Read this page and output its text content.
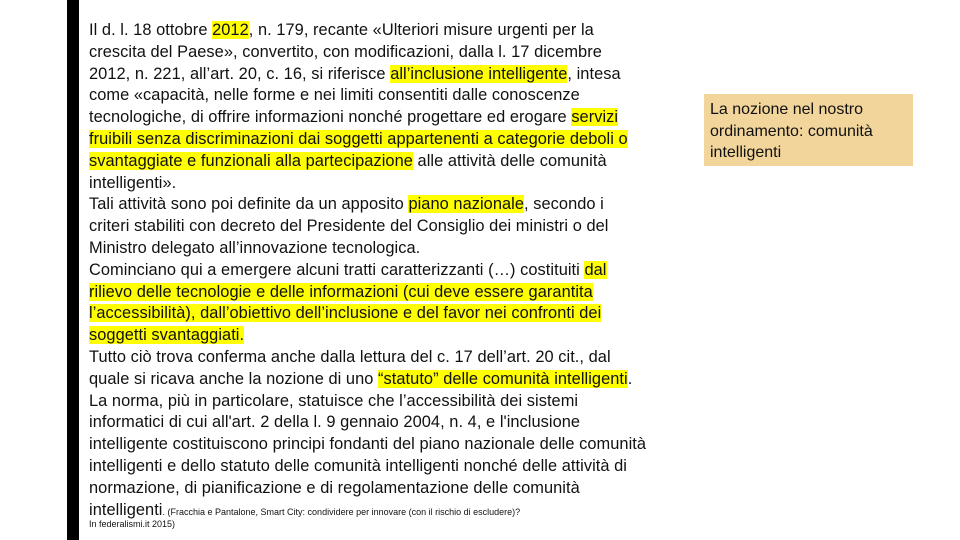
Il d. l. 18 ottobre 2012, n. 179, recante «Ulteriori misure urgenti per la
crescita del Paese», convertito, con modificazioni, dalla l. 17 dicembre
2012, n. 221, all’art. 20, c. 16, si riferisce all’inclusione intelligente, intesa
come «capacità, nelle forme e nei limiti consentiti dalle conoscenze
tecnologiche, di offrire informazioni nonché progettare ed erogare servizi
fruibili senza discriminazioni dai soggetti appartenenti a categorie deboli o
svantaggiate e funzionali alla partecipazione alle attività delle comunità
intelligenti».
Tali attività sono poi definite da un apposito piano nazionale, secondo i
criteri stabiliti con decreto del Presidente del Consiglio dei ministri o del
Ministro delegato all’innovazione tecnologica.
Cominciano qui a emergere alcuni tratti caratterizzanti (…) costituiti dal
rilievo delle tecnologie e delle informazioni (cui deve essere garantita
l’accessibilità), dall’obiettivo dell’inclusione e del favor nei confronti dei
soggetti svantaggiati.
Tutto ciò trova conferma anche dalla lettura del c. 17 dell’art. 20 cit., dal
quale si ricava anche la nozione di uno “statuto” delle comunità intelligenti.
La norma, più in particolare, statuisce che l’accessibilità dei sistemi
informatici di cui all'art. 2 della l. 9 gennaio 2004, n. 4, e l'inclusione
intelligente costituiscono principi fondanti del piano nazionale delle comunità
intelligenti e dello statuto delle comunità intelligenti nonché delle attività di
normazione, di pianificazione e di regolamentazione delle comunità
intelligenti. (Fracchia e Pantalone, Smart City: condividere per innovare (con il rischio di escludere)?
In federalismi.it 2015)
La nozione nel nostro
ordinamento: comunità
intelligenti
